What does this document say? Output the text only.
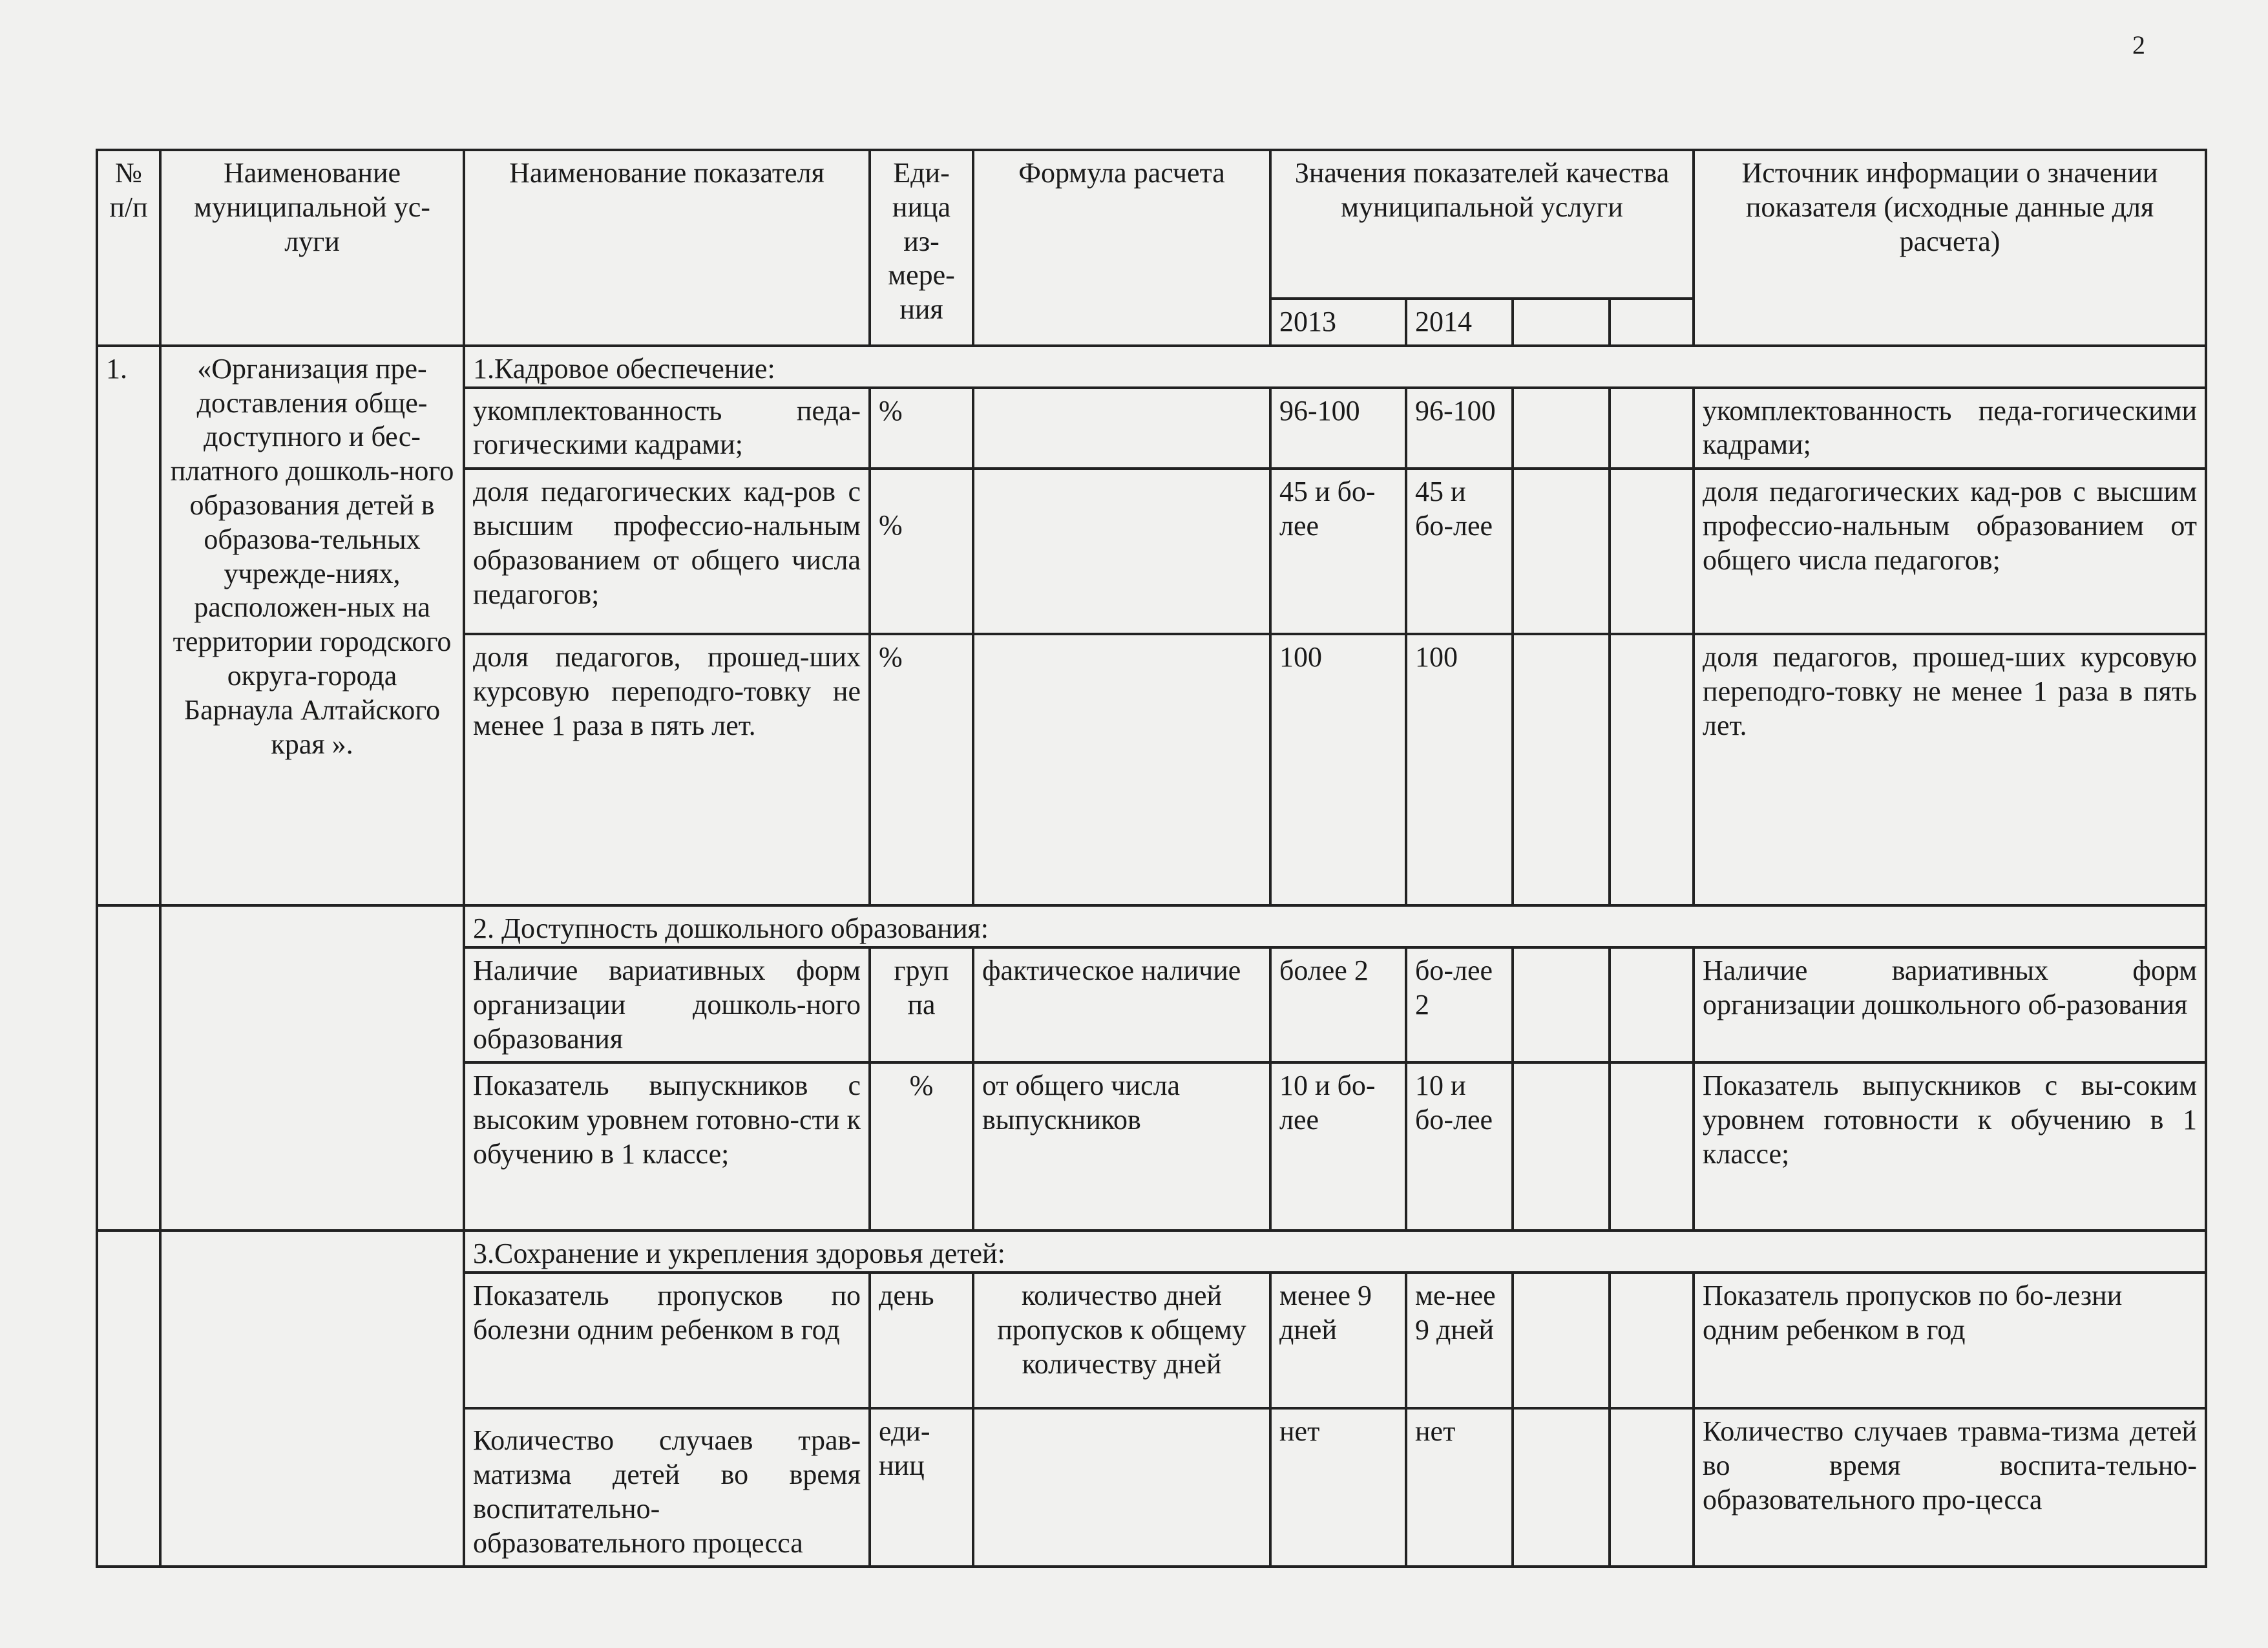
2
№ п/п	Наименование муниципальной ус-луги	Наименование показателя	Еди-ница из-мере-ния	Формула расчета	Значения показателей качества муниципальной услуги				Источник информации о значении показателя (исходные данные для расчета)
					2013	2014			
1.	«Организация пре-доставления обще-доступного и бес-платного дошколь-ного образования детей в образова-тельных учрежде-ниях, расположен-ных на территории городского округа-города Барнаула Алтайского края ».	1.Кадровое обеспечение:							
		укомплектованность педа-гогическими кадрами;	%		96-100	96-100			укомплектованность педа-гогическими кадрами;
		доля педагогических кад-ров с высшим профессио-нальным образованием от общего числа педагогов;	%		45 и бо-лее	45 и бо-лее			доля педагогических кад-ров с высшим профессио-нальным образованием от общего числа педагогов;
		доля педагогов, прошед-ших курсовую переподго-товку не менее 1 раза в пять лет.	%		100	100			доля педагогов, прошед-ших курсовую переподго-товку не менее 1 раза в пять лет.
		2. Доступность дошкольного образования:							
		Наличие вариативных форм организации дошколь-ного образования	груп па	фактическое наличие	более 2	бо-лее 2			Наличие вариативных форм организации дошкольного об-разования
		Показатель выпускников с высоким уровнем готовно-сти к обучению в 1 классе;	%	от общего числа выпускников	10 и бо-лее	10 и бо-лее			Показатель выпускников с вы-соким уровнем готовности к обучению в 1 классе;
		3.Сохранение и укрепления здоровья детей:							
		Показатель пропусков по болезни одним ребенком в год	день	количество дней пропусков к общему количеству дней	менее 9 дней	ме-нее 9 дней			Показатель пропусков по бо-лезни одним ребенком в год
		Количество случаев трав-матизма детей во время воспитательно-образовательного процесса	еди-ниц		нет	нет			Количество случаев травма-тизма детей во время воспита-тельно-образовательного про-цесса
